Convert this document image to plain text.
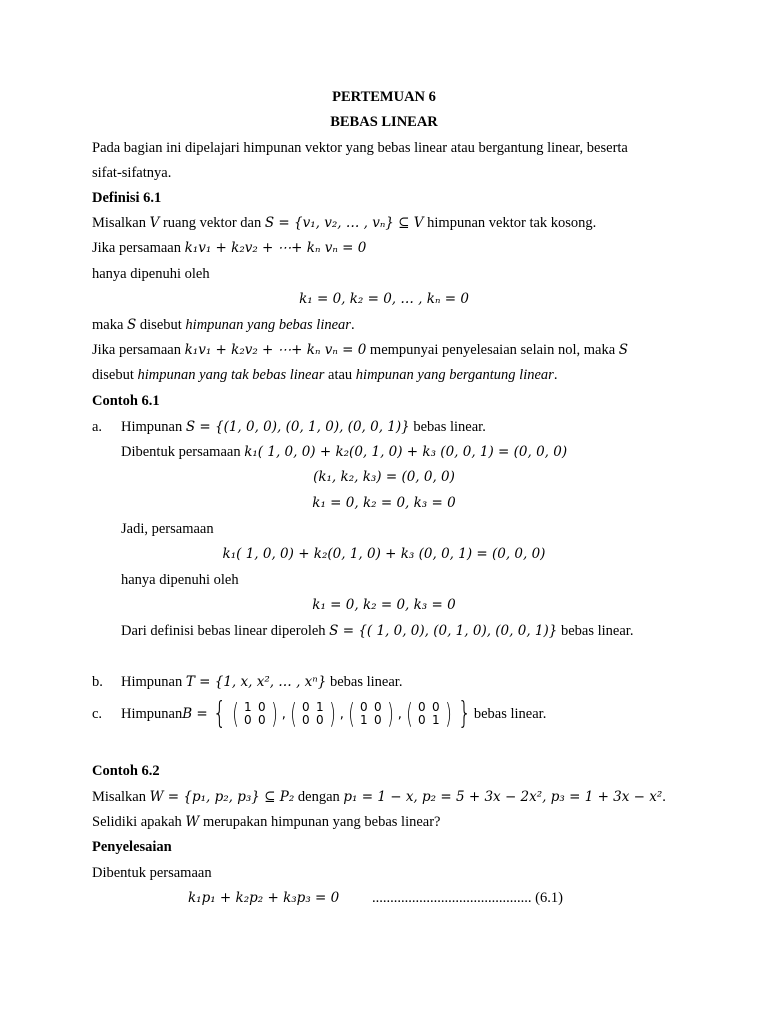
PERTEMUAN 6
BEBAS LINEAR
Pada bagian ini dipelajari himpunan vektor yang bebas linear atau bergantung linear, beserta
sifat-sifatnya.
Definisi 6.1
Misalkan V ruang vektor dan S = {v₁, v₂, … , vₙ} ⊆ V himpunan vektor tak kosong.
Jika persamaan k₁v₁ + k₂v₂ + ⋯+ kₙ vₙ = 0
hanya dipenuhi oleh
k₁ = 0, k₂ = 0, … , kₙ = 0
maka S disebut himpunan yang bebas linear.
Jika persamaan k₁v₁ + k₂v₂ + ⋯+ kₙ vₙ = 0 mempunyai penyelesaian selain nol, maka S
disebut himpunan yang tak bebas linear atau himpunan yang bergantung linear.
Contoh 6.1
a. Himpunan S = {(1, 0, 0), (0, 1, 0), (0, 0, 1)} bebas linear.
Dibentuk persamaan k₁( 1, 0, 0) + k₂(0, 1, 0) + k₃ (0, 0, 1) = (0, 0, 0)
(k₁, k₂, k₃) = (0, 0, 0)
k₁ = 0, k₂ = 0, k₃ = 0
Jadi, persamaan
k₁( 1, 0, 0) + k₂(0, 1, 0) + k₃ (0, 0, 1) = (0, 0, 0)
hanya dipenuhi oleh
k₁ = 0, k₂ = 0, k₃ = 0
Dari definisi bebas linear diperoleh S = {( 1, 0, 0), (0, 1, 0), (0, 0, 1)} bebas linear.
b. Himpunan T = {1, x, x², … , xⁿ} bebas linear.
c. Himpunan B = { ( 1 0
0 0 ) , ( 0 1
0 0 ) , ( 0 0
1 0 ) , ( 0 0
0 1 ) } bebas linear.
Contoh 6.2
Misalkan W = {p₁, p₂, p₃} ⊆ P₂ dengan p₁ = 1 − x, p₂ = 5 + 3x − 2x², p₃ = 1 + 3x − x².
Selidiki apakah W merupakan himpunan yang bebas linear?
Penyelesaian
Dibentuk persamaan
k₁p₁ + k₂p₂ + k₃p₃ = 0 ............................................ (6.1)
